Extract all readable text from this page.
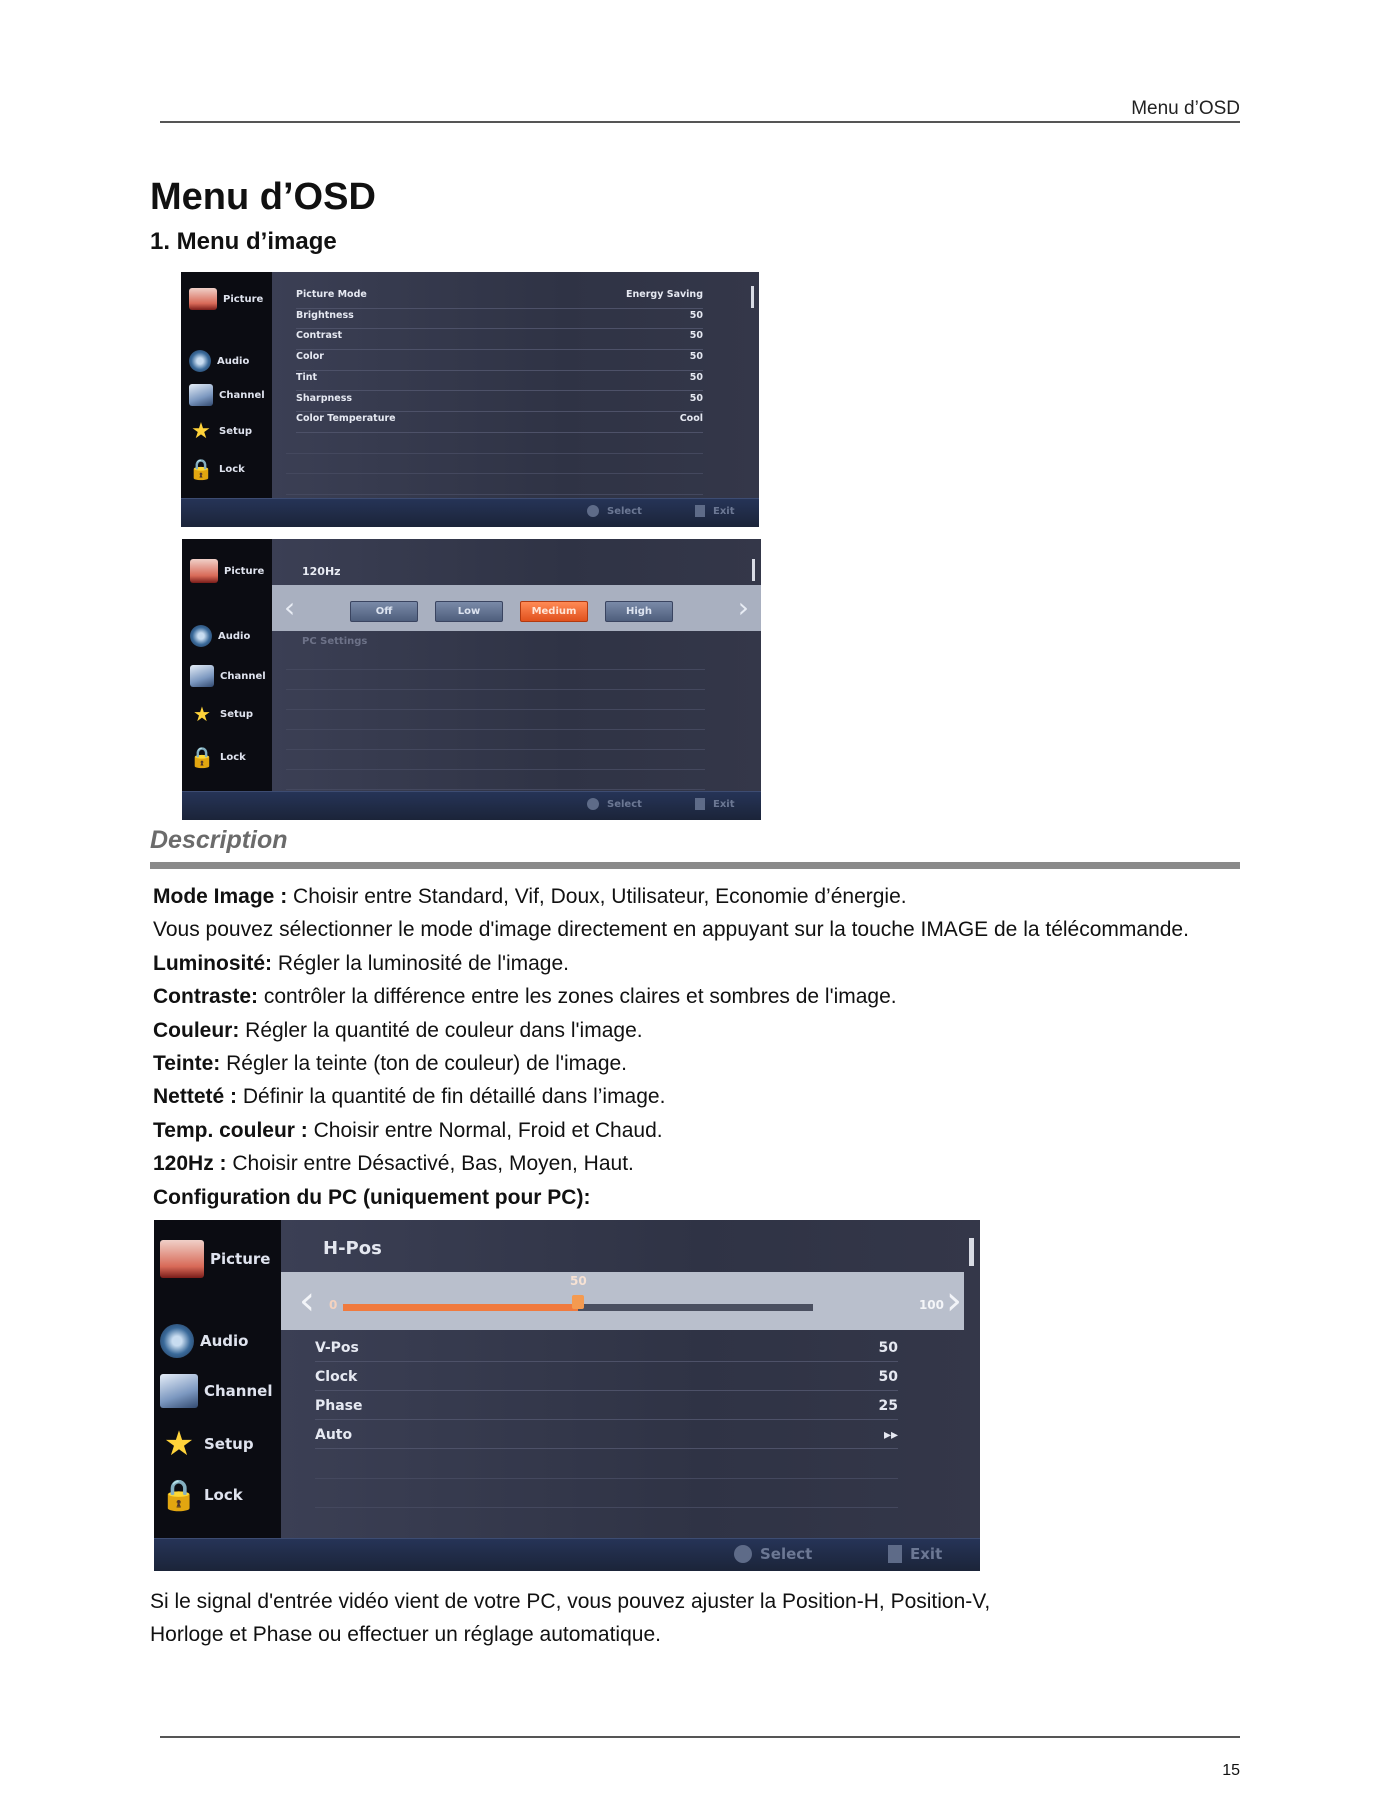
Menu d’OSD
Menu d’OSD
1. Menu d’image
Picture
Audio
Channel
★ Setup
🔒 Lock
Picture Mode	Energy Saving
Brightness	50
Contrast	50
Color	50
Tint	50
Sharpness	50
Color Temperature	Cool
Select	Exit
Picture
Audio
Channel
★ Setup
🔒 Lock
120Hz
‹	›
Off	Low	Medium	High
PC Settings
Select	Exit
Description
Mode Image : Choisir entre Standard, Vif, Doux, Utilisateur, Economie d’énergie.
Vous pouvez sélectionner le mode d'image directement en appuyant sur la touche IMAGE de la télécommande.
Luminosité: Régler la luminosité de l'image.
Contraste: contrôler la différence entre les zones claires et sombres de l'image.
Couleur: Régler la quantité de couleur dans l'image.
Teinte: Régler la teinte (ton de couleur) de l'image.
Netteté : Définir la quantité de fin détaillé dans l’image.
Temp. couleur : Choisir entre Normal, Froid et Chaud.
120Hz : Choisir entre Désactivé, Bas, Moyen, Haut.
Configuration du PC (uniquement pour PC):
Picture
Audio
Channel
★ Setup
🔒 Lock
H-Pos
‹	›
0	100
50
V-Pos	50
Clock	50
Phase	25
Auto	▸▸
Select	Exit
Si le signal d'entrée vidéo vient de votre PC, vous pouvez ajuster la Position-H, Position-V,
Horloge et Phase ou effectuer un réglage automatique.
15
